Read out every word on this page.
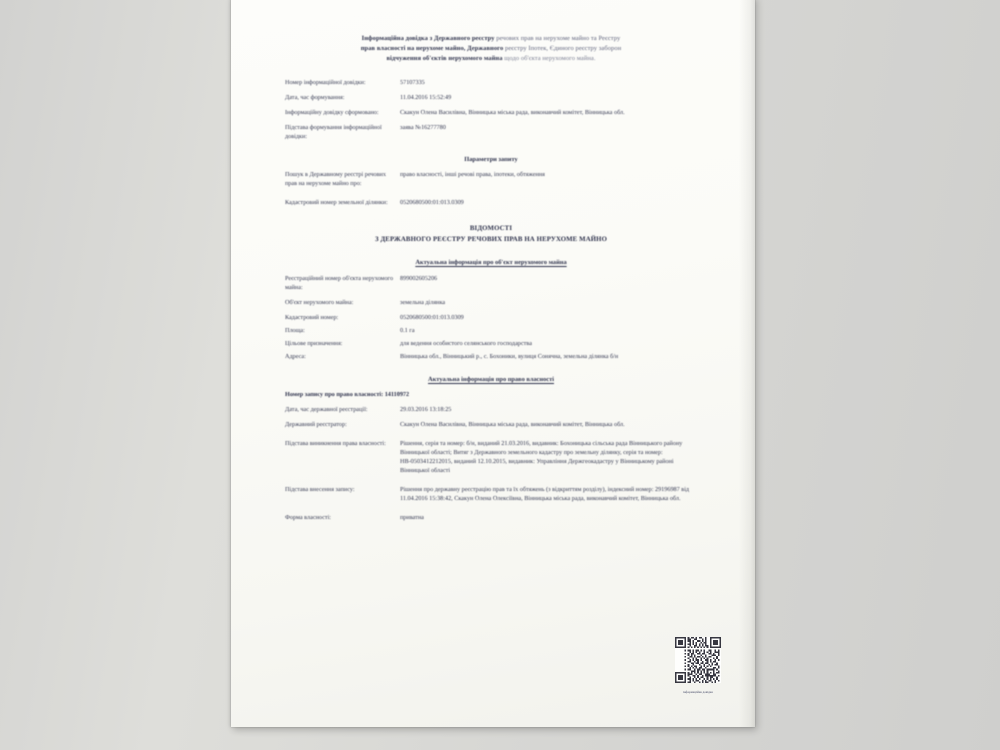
Інформаційна довідка з Державного реєстру речових прав на нерухоме майно та Реєстру
прав власності на нерухоме майно, Державного реєстру Іпотек, Єдиного реєстру заборон
відчуження об'єктів нерухомого майна щодо об'єкта нерухомого майна.
Номер інформаційної довідки:	57107335
Дата, час формування:	11.04.2016 15:52:49
Інформаційну довідку сформовано:	Скакун Олена Василівна, Вінницька міська рада, виконавчий комітет, Вінницька обл.
Підстава формування інформаційної довідки:
заява №16277780
Параметри запиту
Пошук в Державному реєстрі речових прав на нерухоме майно про:
право власності, інші речові права, іпотеки, обтяження
Кадастровий номер земельної ділянки:	0520680500:01:013.0309
ВІДОМОСТІ
З ДЕРЖАВНОГО РЕЄСТРУ РЕЧОВИХ ПРАВ НА НЕРУХОМЕ МАЙНО
Актуальна інформація про об'єкт нерухомого майна
Реєстраційний номер об'єкта нерухомого майна:
899002605206
Об'єкт нерухомого майна:	земельна ділянка
Кадастровий номер:	0520680500:01:013.0309
Площа:	0.1 га
Цільове призначення:	для ведення особистого селянського господарства
Адреса:	Вінницька обл., Вінницький р., с. Бохоники, вулиця Сонячна, земельна ділянка б/н
Актуальна інформація про право власності
Номер запису про право власності: 14110972
Дата, час державної реєстрації:	29.03.2016 13:18:25
Державний реєстратор:	Скакун Олена Василівна, Вінницька міська рада, виконавчий комітет, Вінницька обл.
Підстава виникнення права власності:	Рішення, серія та номер: б/н, виданий 21.03.2016, видавник: Бохоницька сільська рада Вінницького району Вінницької області; Витяг з Державного земельного кадастру про земельну ділянку, серія та номер: НВ-0503412212015, виданий 12.10.2015, видавник: Управління Держгеокадастру у Вінницькому районі Вінницької області
Підстава внесення запису:	Рішення про державну реєстрацію прав та їх обтяжень (з відкриттям розділу), індексний номер: 29196987 від 11.04.2016 15:38:42, Скакун Олена Олексіївна, Вінницька міська рада, виконавчий комітет, Вінницька обл.
Форма власності:	приватна
інформаційна довідка
